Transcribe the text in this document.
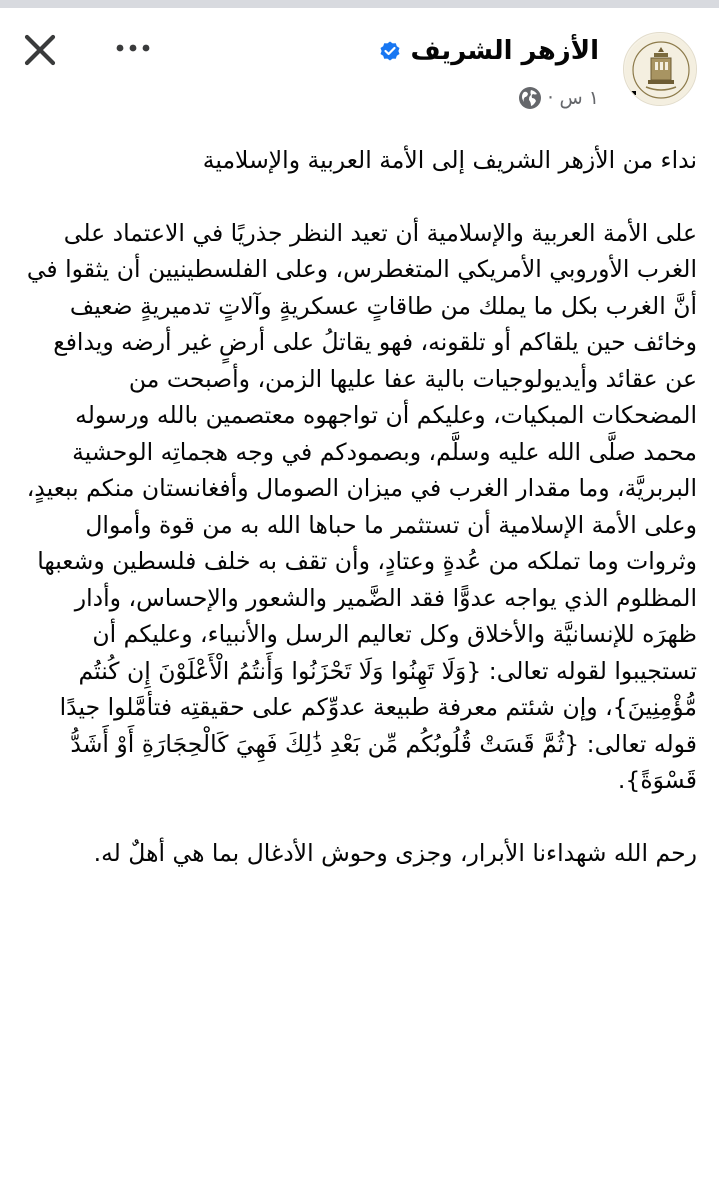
الأزهر الشريف
١ س
·

نداء من الأزهر الشريف إلى الأمة العربية والإسلامية

على الأمة العربية والإسلامية أن تعيد النظر جذريًا في الاعتماد على الغرب الأوروبي الأمريكي المتغطرس، وعلى الفلسطينيين أن يثقوا في أنَّ الغرب بكل ما يملك من طاقاتٍ عسكريةٍ وآلاتٍ تدميريةٍ ضعيف وخائف حين يلقاكم أو تلقونه، فهو يقاتلُ على أرضٍ غير أرضه ويدافع عن عقائد وأيديولوجيات بالية عفا عليها الزمن، وأصبحت من المضحكات المبكيات، وعليكم أن تواجهوه معتصمين بالله ورسوله محمد صلَّى الله عليه وسلَّم، وبصمودكم في وجه هجماتِه الوحشية البربريَّة، وما مقدار الغرب في ميزان الصومال وأفغانستان منكم ببعيدٍ، وعلى الأمة الإسلامية أن تستثمر ما حباها الله به من قوة وأموال وثروات وما تملكه من عُدةٍ وعتادٍ، وأن تقف به خلف فلسطين وشعبها المظلوم الذي يواجه عدوًّا فقد الضَّمير والشعور والإحساس، وأدار ظهرَه للإنسانيَّة والأخلاق وكل تعاليم الرسل والأنبياء، وعليكم أن تستجيبوا لقوله تعالى: {وَلَا تَهِنُوا وَلَا تَحْزَنُوا وَأَنتُمُ الْأَعْلَوْنَ إِن كُنتُم مُّؤْمِنِينَ}، وإن شئتم معرفة طبيعة عدوِّكم على حقيقتِه فتأمَّلوا جيدًا قوله تعالى: {ثُمَّ قَسَتْ قُلُوبُكُم مِّن بَعْدِ ذَٰلِكَ فَهِيَ كَالْحِجَارَةِ أَوْ أَشَدُّ قَسْوَةً}.

رحم الله شهداءنا الأبرار، وجزى وحوش الأدغال بما هي أهلٌ له.
